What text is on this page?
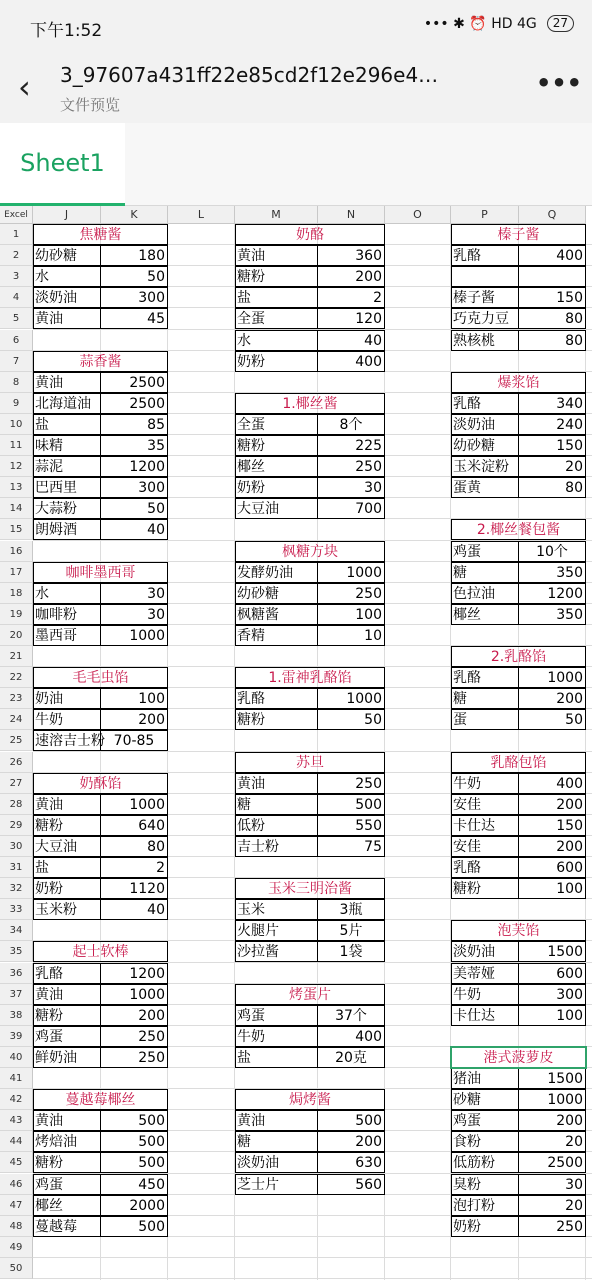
下午1:52	••• ✱ ⏰ HD 4G	27
‹	3_97607a431ff22e85cd2f12e296e4…
文件预览
•••
Sheet1
Excel	J	K	L	M	N	O	P	Q
1
2
3
4
5
6
7
8
9
10
11
12
13
14
15
16
17
18
19
20
21
22
23
24
25
26
27
28
29
30
31
32
33
34
35
36
37
38
39
40
41
42
43
44
45
46
47
48
49
50
焦糖酱
幼砂糖	180
水	50
淡奶油	300
黄油	45
蒜香酱
黄油	2500
北海道油	2500
盐	85
味精	35
蒜泥	1200
巴西里	300
大蒜粉	50
朗姆酒	40
咖啡墨西哥
水	30
咖啡粉	30
墨西哥	1000
毛毛虫馅
奶油	100
牛奶	200
速溶吉士粉 70-85
奶酥馅
黄油	1000
糖粉	640
大豆油	80
盐	2
奶粉	1120
玉米粉	40
起士软棒
乳酪	1200
黄油	1000
糖粉	200
鸡蛋	250
鲜奶油	250
蔓越莓椰丝
黄油	500
烤焙油	500
糖粉	500
鸡蛋	450
椰丝	2000
蔓越莓	500
奶酪
黄油	360
糖粉	200
盐	2
全蛋	120
水	40
奶粉	400
1.椰丝酱
全蛋	8个
糖粉	225
椰丝	250
奶粉	30
大豆油	700
枫糖方块
发酵奶油	1000
幼砂糖	250
枫糖酱	100
香精	10
1.雷神乳酪馅
乳酪	1000
糖粉	50
苏旦
黄油	250
糖	500
低粉	550
吉士粉	75
玉米三明治酱
玉米	3瓶
火腿片	5片
沙拉酱	1袋
烤蛋片
鸡蛋	37个
牛奶	400
盐	20克
焗烤酱
黄油	500
糖	200
淡奶油	630
芝士片	560
榛子酱
乳酪	400
榛子酱	150
巧克力豆	80
熟核桃	80
爆浆馅
乳酪	340
淡奶油	240
幼砂糖	150
玉米淀粉	20
蛋黄	80
2.椰丝餐包酱
鸡蛋	10个
糖	350
色拉油	1200
椰丝	350
2.乳酪馅
乳酪	1000
糖	200
蛋	50
乳酪包馅
牛奶	400
安佳	200
卡仕达	150
安佳	200
乳酪	600
糖粉	100
泡芙馅
淡奶油	1500
美蒂娅	600
牛奶	300
卡仕达	100
港式菠萝皮
猪油	1500
砂糖	1000
鸡蛋	200
食粉	20
低筋粉	2500
臭粉	30
泡打粉	20
奶粉	250
